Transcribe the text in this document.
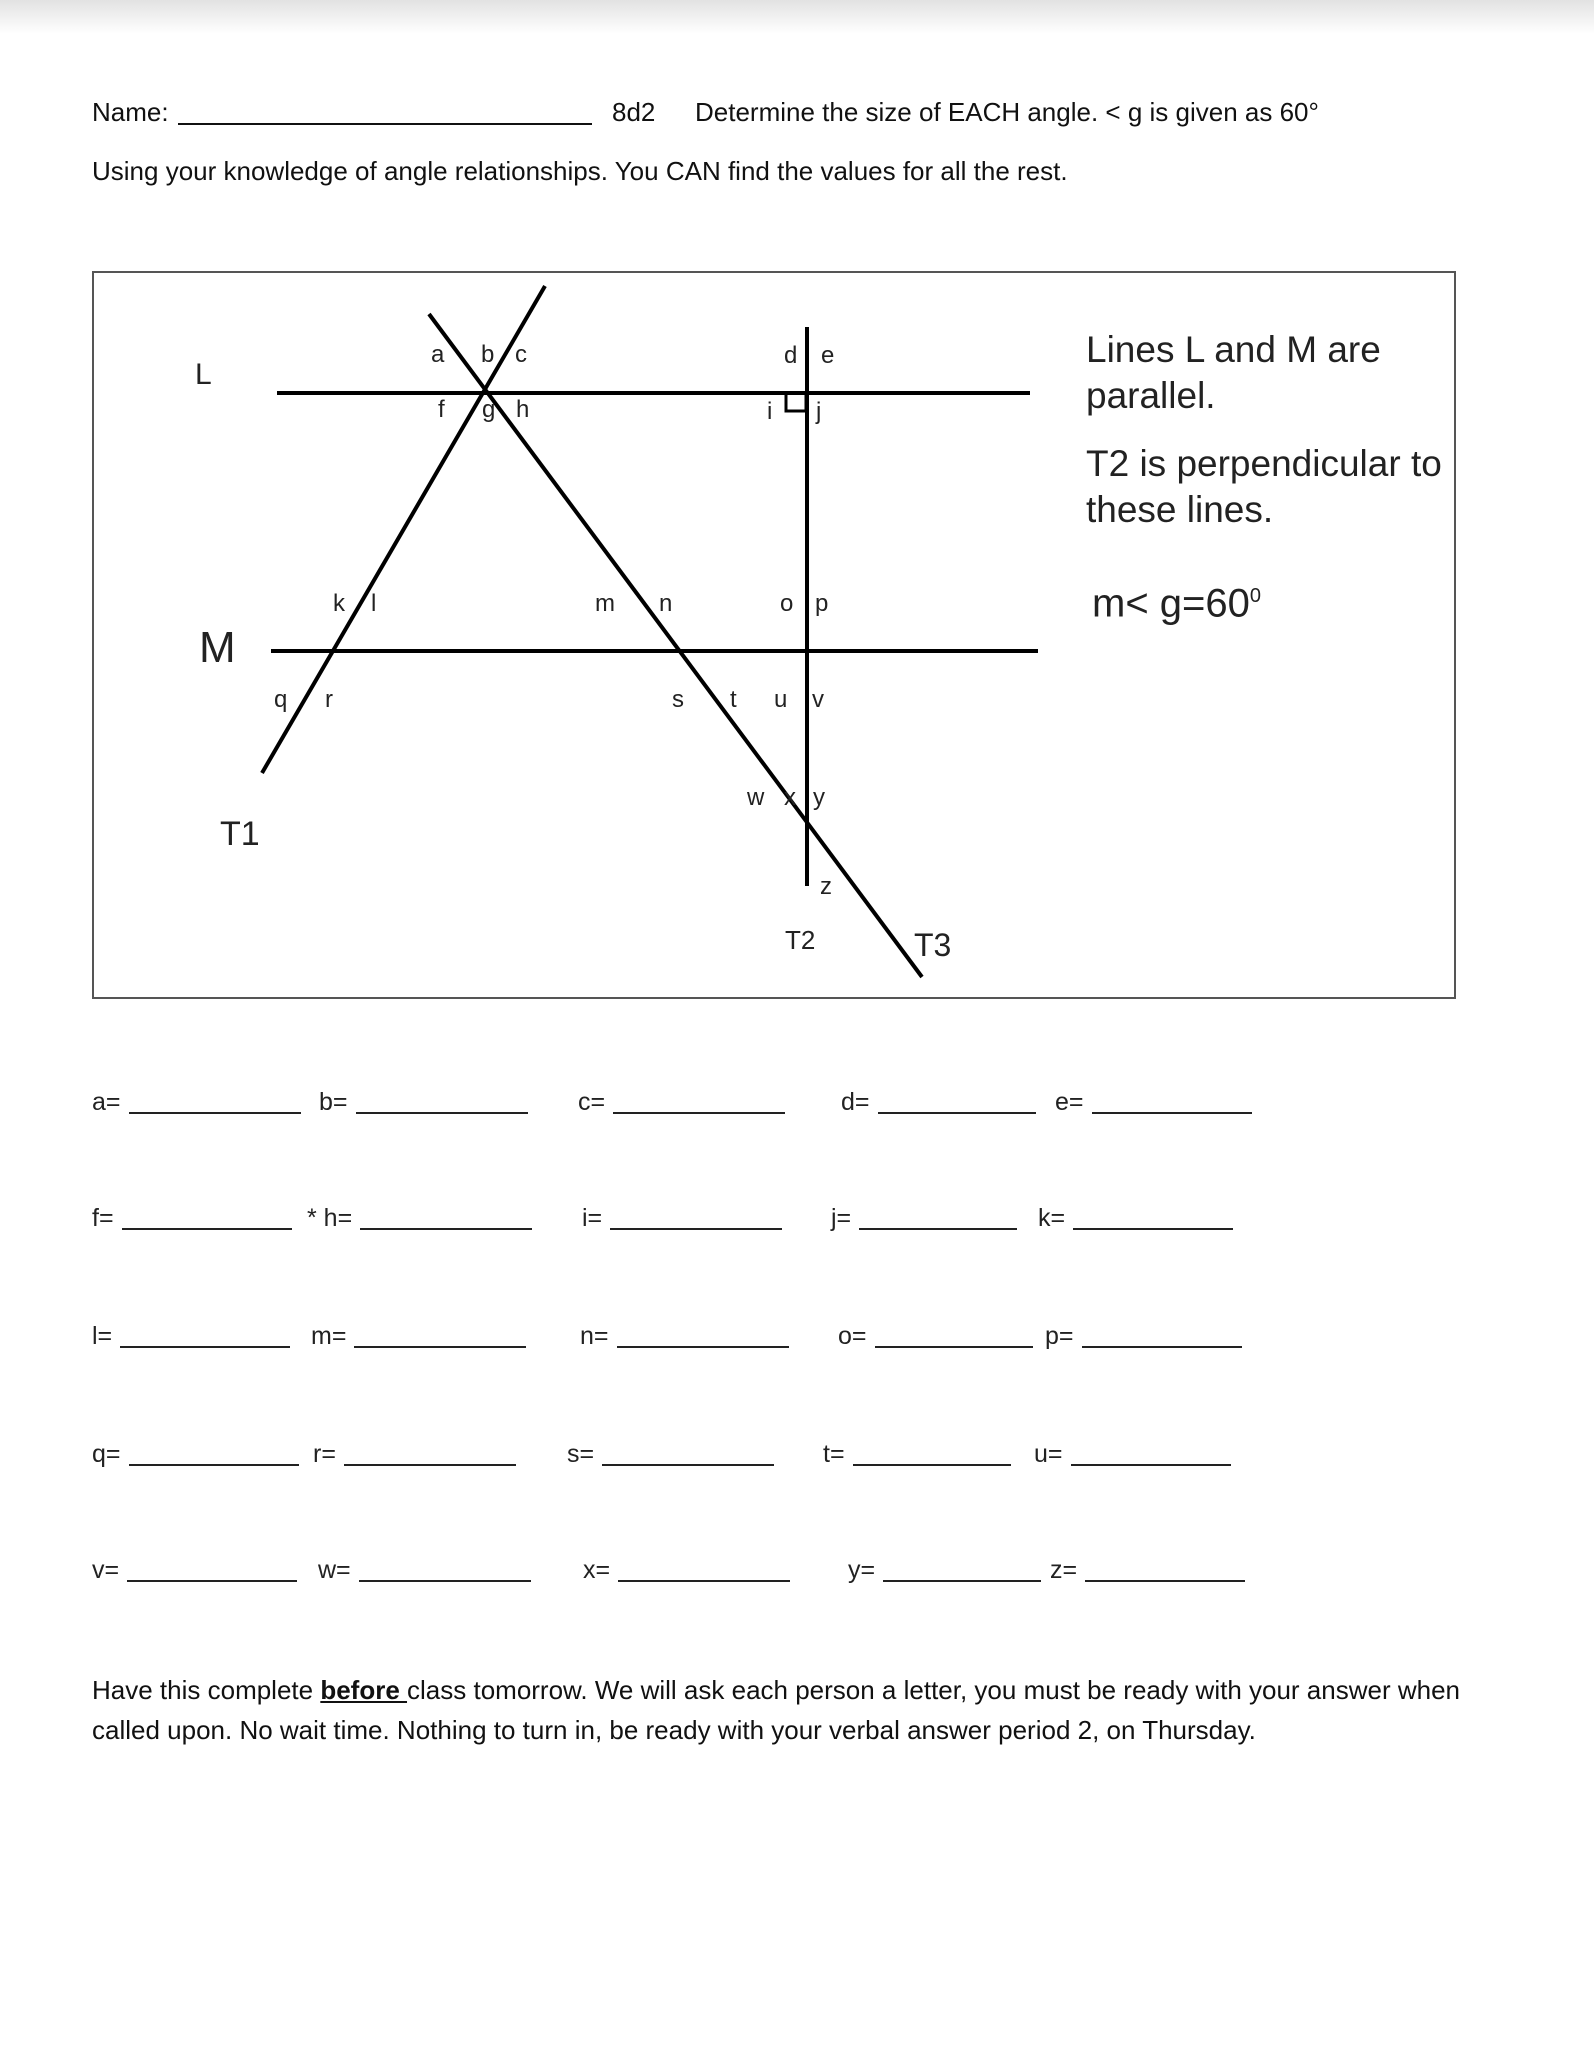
Name:	8d2 Determine the size of EACH angle. < g is given as 60°
Using your knowledge of angle relationships. You CAN find the values for all the rest.
L
M
T1
T2	T3
a b c
f g h
d e
i j
k l	m n	o p
q r	s t u v
w x y
z
Lines L and M are parallel.
T2 is perpendicular to these lines.
$m< g=60^0$
a=	b=	c=	d=	e=
f=	* h=	i=	j=	k=
l=	m=	n=	o=	p=
q=	r=	s=	t=	u=
v=	w=	x=	y=	z=
Have this complete before class tomorrow. We will ask each person a letter, you must be ready with your answer when called upon. No wait time. Nothing to turn in, be ready with your verbal answer period 2, on Thursday.
